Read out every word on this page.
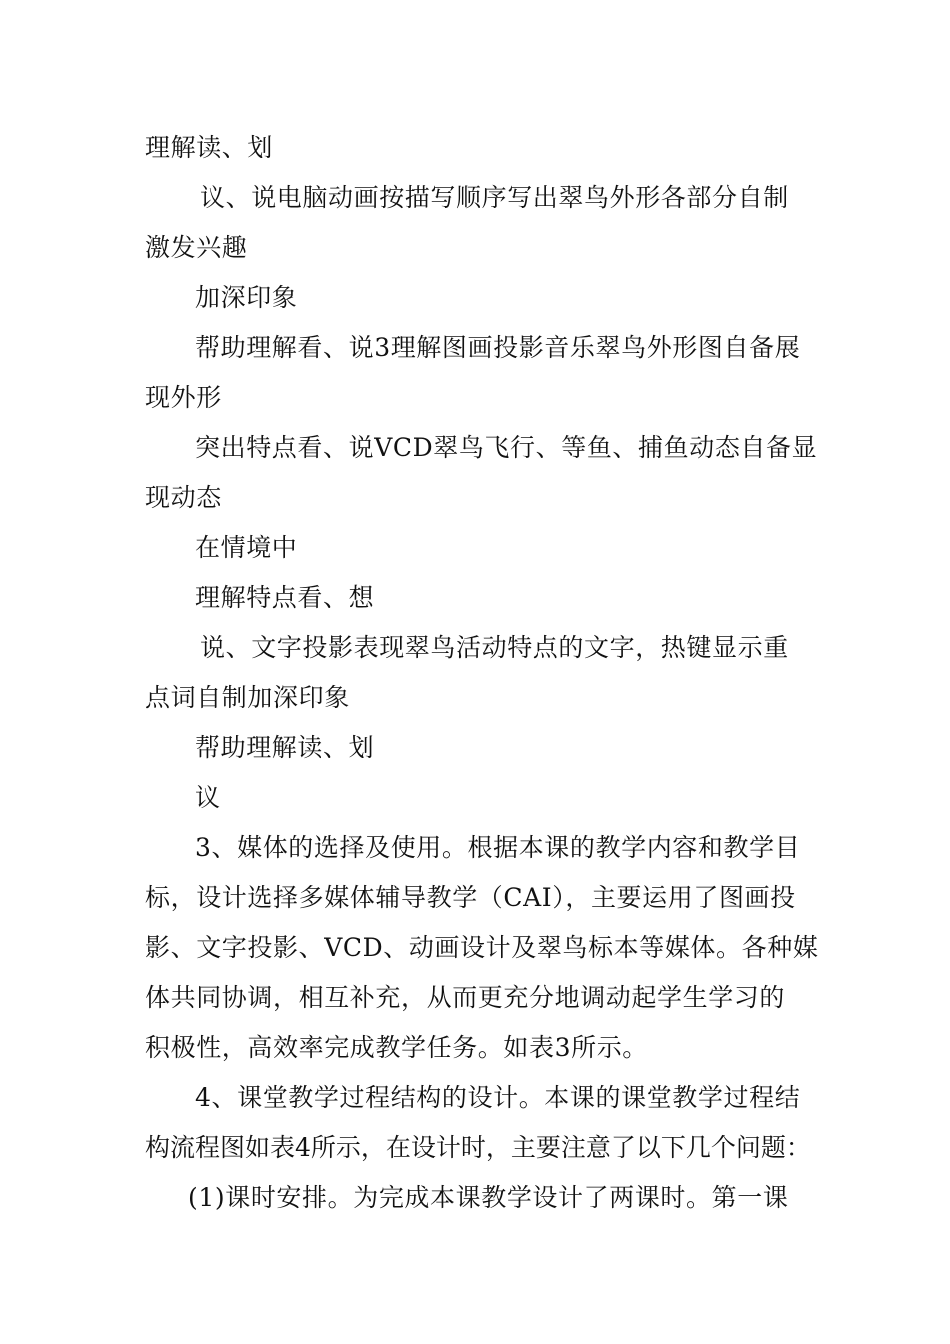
理解读、划
议、说电脑动画按描写顺序写出翠鸟外形各部分自制
激发兴趣
加深印象
帮助理解看、说3理解图画投影音乐翠鸟外形图自备展
现外形
突出特点看、说VCD翠鸟飞行、等鱼、捕鱼动态自备显
现动态
在情境中
理解特点看、想
说、文字投影表现翠鸟活动特点的文字，热键显示重
点词自制加深印象
帮助理解读、划
议
3、媒体的选择及使用。根据本课的教学内容和教学目
标，设计选择多媒体辅导教学（CAI），主要运用了图画投
影、文字投影、VCD、动画设计及翠鸟标本等媒体。各种媒
体共同协调，相互补充，从而更充分地调动起学生学习的
积极性，高效率完成教学任务。如表3所示。
4、课堂教学过程结构的设计。本课的课堂教学过程结
构流程图如表4所示，在设计时，主要注意了以下几个问题：
(1)课时安排。为完成本课教学设计了两课时。第一课
